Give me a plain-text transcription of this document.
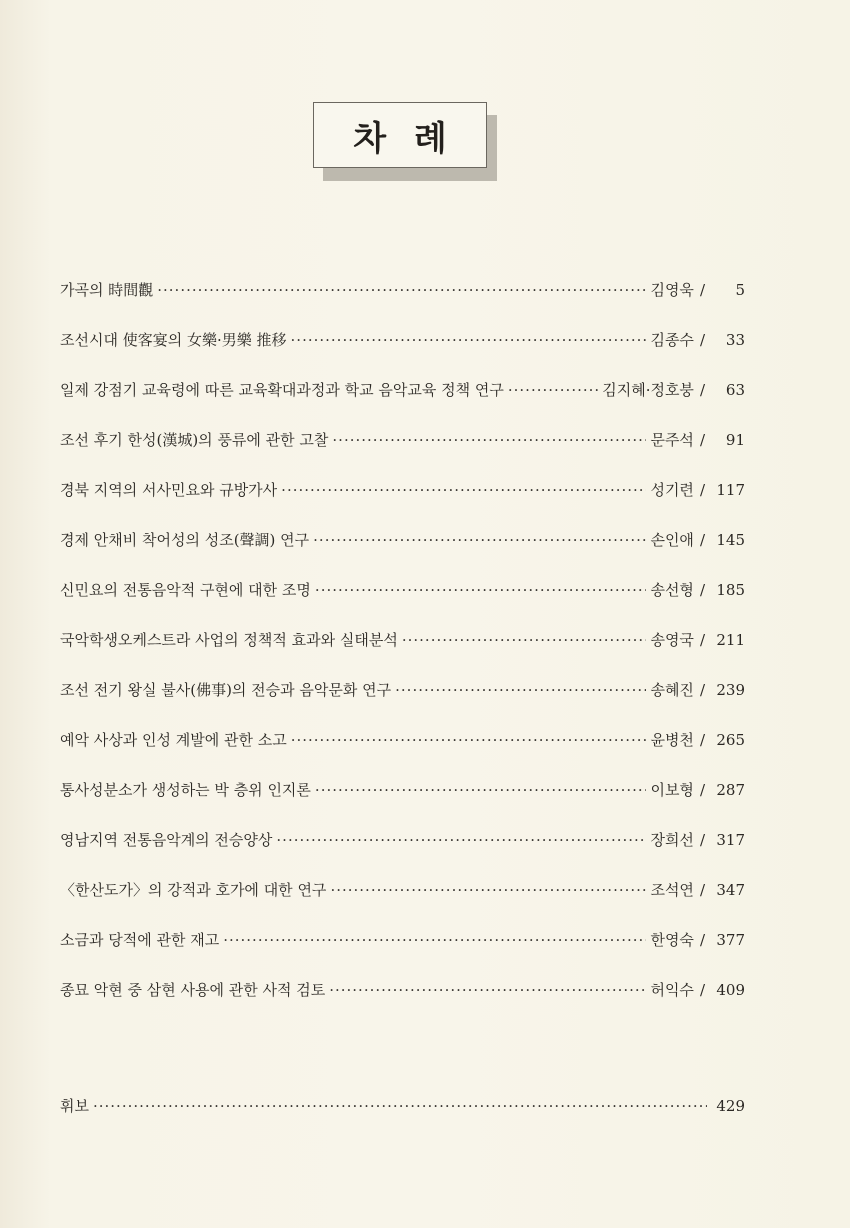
차 례
가곡의 時間觀 ·····	김영욱 /	5
조선시대 使客宴의 女樂·男樂 推移 ·····	김종수 /	33
일제 강점기 교육령에 따른 교육확대과정과 학교 음악교육 정책 연구 ·····	김지혜·정호붕 /	63
조선 후기 한성(漢城)의 풍류에 관한 고찰 ·····	문주석 /	91
경북 지역의 서사민요와 규방가사 ·····	성기련 / 117
경제 안채비 착어성의 성조(聲調) 연구 ·····	손인애 / 145
신민요의 전통음악적 구현에 대한 조명 ·····	송선형 / 185
국악학생오케스트라 사업의 정책적 효과와 실태분석 ·····	송영국 / 211
조선 전기 왕실 불사(佛事)의 전승과 음악문화 연구 ·····	송혜진 / 239
예악 사상과 인성 계발에 관한 소고 ·····	윤병천 / 265
통사성분소가 생성하는 박 층위 인지론 ·····	이보형 / 287
영남지역 전통음악계의 전승양상 ·····	장희선 / 317
〈한산도가〉의 강적과 호가에 대한 연구 ·····	조석연 / 347
소금과 당적에 관한 재고 ·····	한영숙 / 377
종묘 악현 중 삼현 사용에 관한 사적 검토 ·····	허익수 / 409
휘보 ·····	429
